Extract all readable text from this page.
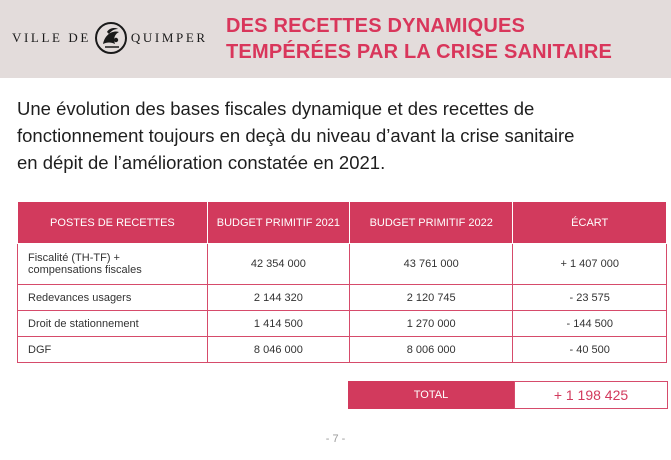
VILLE DE	QUIMPER
DES RECETTES DYNAMIQUES
TEMPÉRÉES PAR LA CRISE SANITAIRE
Une évolution des bases fiscales dynamique et des recettes de
fonctionnement toujours en deçà du niveau d’avant la crise sanitaire
en dépit de l’amélioration constatée en 2021.
POSTES DE RECETTES	BUDGET PRIMITIF 2021	BUDGET PRIMITIF 2022	ÉCART
Fiscalité (TH-TF) +
compensations fiscales	42 354 000	43 761 000	+ 1 407 000
Redevances usagers	2 144 320	2 120 745	- 23 575
Droit de stationnement	1 414 500	1 270 000	- 144 500
DGF	8 046 000	8 006 000	- 40 500
TOTAL	+ 1 198 425
- 7 -
